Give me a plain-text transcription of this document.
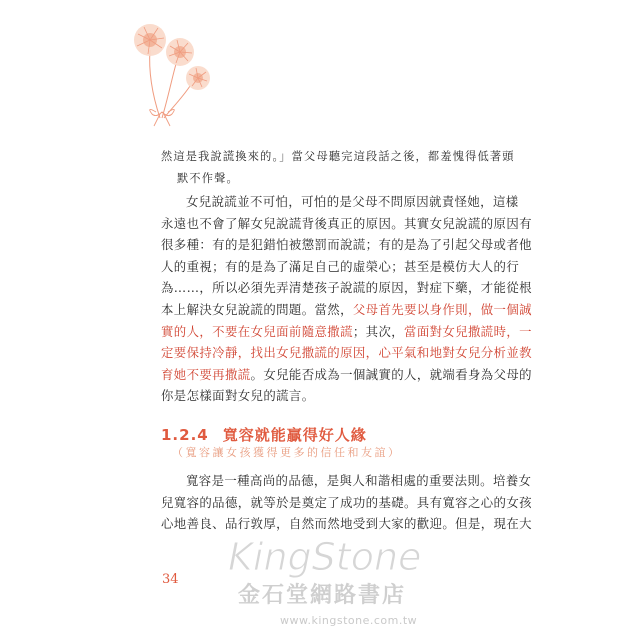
然這是我說謊換來的。」當父母聽完這段話之後，都羞愧得低著頭
默不作聲。
女兒說謊並不可怕，可怕的是父母不問原因就責怪她，這樣
永遠也不會了解女兒說謊背後真正的原因。其實女兒說謊的原因有
很多種：有的是犯錯怕被懲罰而說謊；有的是為了引起父母或者他
人的重視；有的是為了滿足自己的虛榮心；甚至是模仿大人的行
為……，所以必須先弄清楚孩子說謊的原因，對症下藥，才能從根
本上解決女兒說謊的問題。當然，父母首先要以身作則，做一個誠
實的人，不要在女兒面前隨意撒謊；其次，當面對女兒撒謊時，一
定要保持冷靜，找出女兒撒謊的原因，心平氣和地對女兒分析並教
育她不要再撒謊。女兒能否成為一個誠實的人，就端看身為父母的
你是怎樣面對女兒的謊言。
1.2.4 寬容就能贏得好人緣

（寬容讓女孩獲得更多的信任和友誼）

寬容是一種高尚的品德，是與人和諧相處的重要法則。培養女
兒寬容的品德，就等於是奠定了成功的基礎。具有寬容之心的女孩
心地善良、品行敦厚，自然而然地受到大家的歡迎。但是，現在大

34

KingStone
金石堂網路書店

www.kingstone.com.tw
